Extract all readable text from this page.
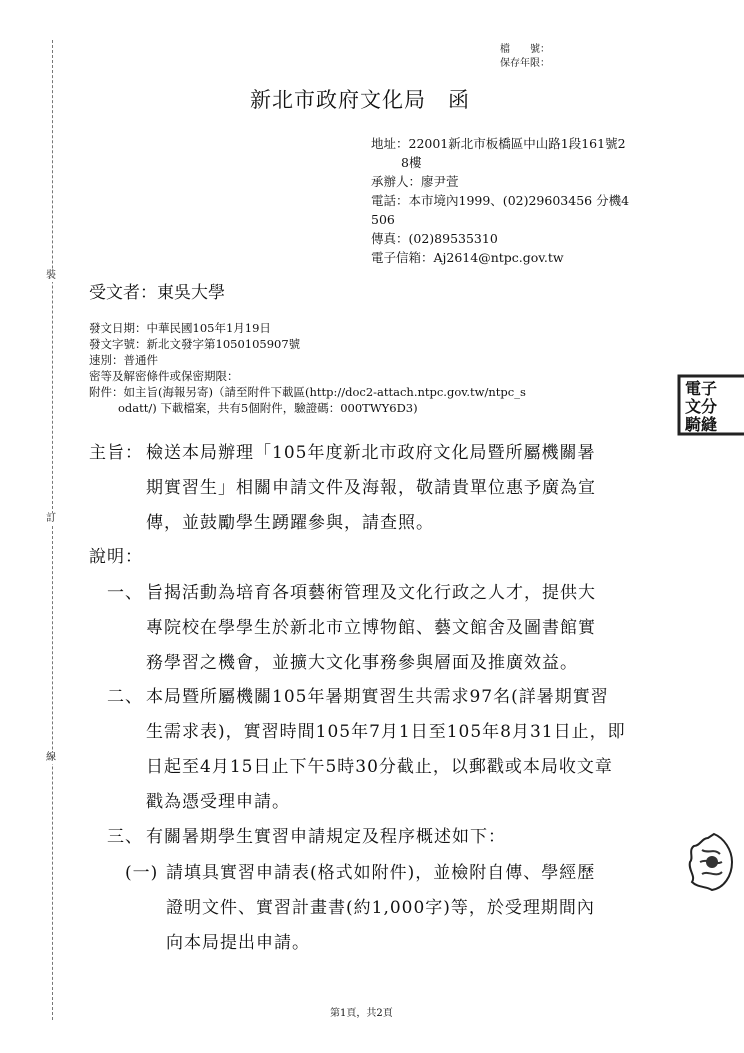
裝
訂
線
檔　　號：
保存年限：
新北市政府文化局　函
地址：22001新北市板橋區中山路1段161號2
8樓
承辦人：廖尹萱
電話：本市境內1999、(02)29603456 分機4
506
傳真：(02)89535310
電子信箱：Aj2614@ntpc.gov.tw
受文者：東吳大學
發文日期：中華民國105年1月19日
發文字號：新北文發字第1050105907號
速別：普通件
密等及解密條件或保密期限：
附件：如主旨(海報另寄)（請至附件下載區(http://doc2-attach.ntpc.gov.tw/ntpc_s
odatt/) 下載檔案，共有5個附件，驗證碼：000TWY6D3)
主旨： 檢送本局辦理「105年度新北市政府文化局暨所屬機關暑
期實習生」相關申請文件及海報，敬請貴單位惠予廣為宣
傳，並鼓勵學生踴躍參與，請查照。
說明：
一、 旨揭活動為培育各項藝術管理及文化行政之人才，提供大
專院校在學學生於新北市立博物館、藝文館舍及圖書館實
務學習之機會，並擴大文化事務參與層面及推廣效益。
二、 本局暨所屬機關105年暑期實習生共需求97名(詳暑期實習
生需求表)，實習時間105年7月1日至105年8月31日止，即
日起至4月15日止下午5時30分截止，以郵戳或本局收文章
戳為憑受理申請。
三、 有關暑期學生實習申請規定及程序概述如下：
(一) 請填具實習申請表(格式如附件)，並檢附自傳、學經歷
證明文件、實習計畫書(約1,000字)等，於受理期間內
向本局提出申請。
電子
文分
騎縫
第1頁，共2頁
